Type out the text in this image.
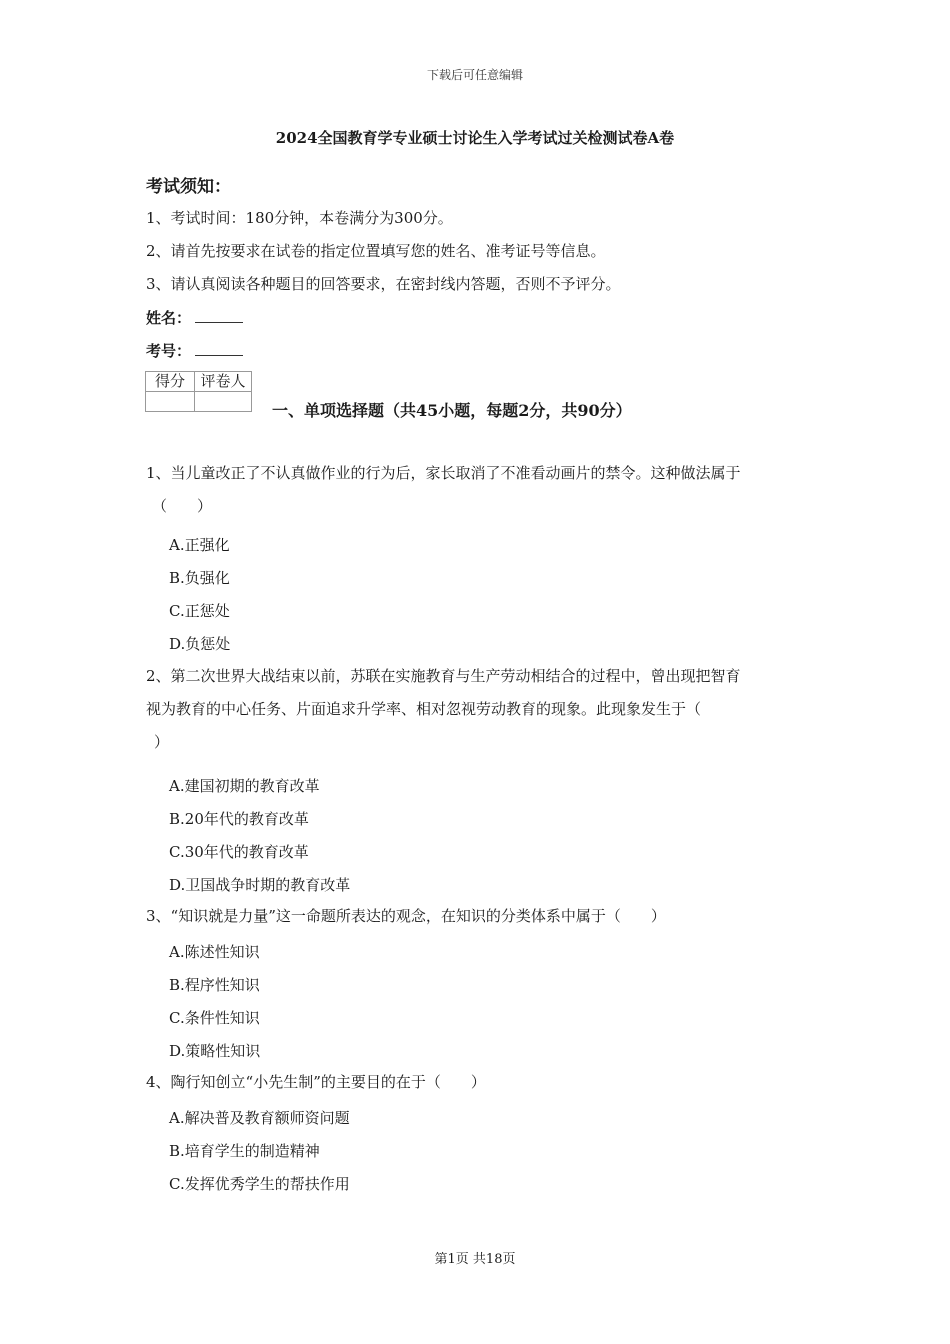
下载后可任意编辑
2024全国教育学专业硕士讨论生入学考试过关检测试卷A卷
考试须知：
1、考试时间：180分钟，本卷满分为300分。
2、请首先按要求在试卷的指定位置填写您的姓名、准考证号等信息。
3、请认真阅读各种题目的回答要求，在密封线内答题，否则不予评分。
姓名：
考号：
得分	评卷人

一、单项选择题（共45小题，每题2分，共90分）
1、当儿童改正了不认真做作业的行为后，家长取消了不准看动画片的禁令。这种做法属于
（　　）
A.正强化
B.负强化
C.正惩处
D.负惩处
2、第二次世界大战结束以前，苏联在实施教育与生产劳动相结合的过程中，曾出现把智育
视为教育的中心任务、片面追求升学率、相对忽视劳动教育的现象。此现象发生于（
）
A.建国初期的教育改革
B.20年代的教育改革
C.30年代的教育改革
D.卫国战争时期的教育改革
3、“知识就是力量”这一命题所表达的观念，在知识的分类体系中属于（　　）
A.陈述性知识
B.程序性知识
C.条件性知识
D.策略性知识
4、陶行知创立“小先生制”的主要目的在于（　　）
A.解决普及教育额师资问题
B.培育学生的制造精神
C.发挥优秀学生的帮扶作用
第1页 共18页
